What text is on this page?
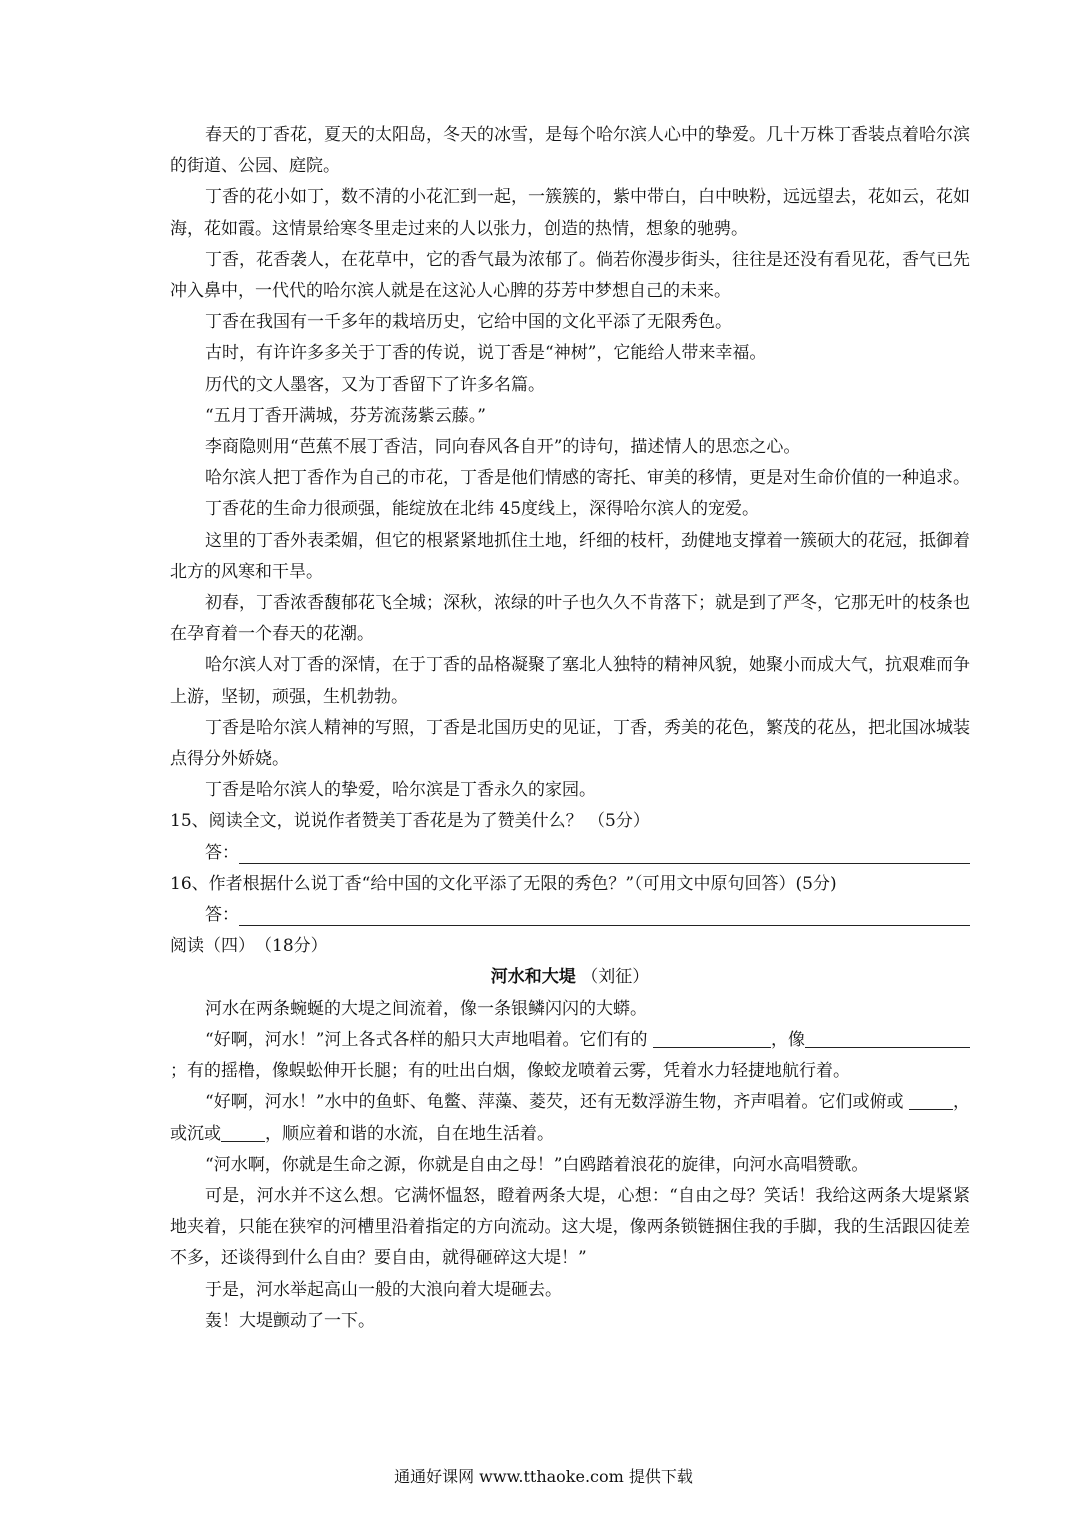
春天的丁香花，夏天的太阳岛，冬天的冰雪，是每个哈尔滨人心中的挚爱。几十万株丁香装点着哈尔滨的街道、公园、庭院。

丁香的花小如丁，数不清的小花汇到一起，一簇簇的，紫中带白，白中映粉，远远望去，花如云，花如海，花如霞。这情景给寒冬里走过来的人以张力，创造的热情，想象的驰骋。

丁香，花香袭人，在花草中，它的香气最为浓郁了。倘若你漫步街头，往往是还没有看见花，香气已先冲入鼻中，一代代的哈尔滨人就是在这沁人心脾的芬芳中梦想自己的未来。

丁香在我国有一千多年的栽培历史，它给中国的文化平添了无限秀色。

古时，有许许多多关于丁香的传说，说丁香是“神树”，它能给人带来幸福。

历代的文人墨客，又为丁香留下了许多名篇。

“五月丁香开满城，芬芳流荡紫云藤。”

李商隐则用“芭蕉不展丁香洁，同向春风各自开”的诗句，描述情人的思恋之心。

哈尔滨人把丁香作为自己的市花，丁香是他们情感的寄托、审美的移情，更是对生命价值的一种追求。

丁香花的生命力很顽强，能绽放在北纬 45度线上，深得哈尔滨人的宠爱。

这里的丁香外表柔媚，但它的根紧紧地抓住土地，纤细的枝杆，劲健地支撑着一簇硕大的花冠，抵御着北方的风寒和干旱。

初春，丁香浓香馥郁花飞全城；深秋，浓绿的叶子也久久不肯落下；就是到了严冬，它那无叶的枝条也在孕育着一个春天的花潮。

哈尔滨人对丁香的深情，在于丁香的品格凝聚了塞北人独特的精神风貌，她聚小而成大气，抗艰难而争上游，坚韧，顽强，生机勃勃。

丁香是哈尔滨人精神的写照，丁香是北国历史的见证，丁香，秀美的花色，繁茂的花丛，把北国冰城装点得分外娇娆。

丁香是哈尔滨人的挚爱，哈尔滨是丁香永久的家园。

15、阅读全文，说说作者赞美丁香花是为了赞美什么？ （5分）
答：
16、作者根据什么说丁香“给中国的文化平添了无限的秀色？”（可用文中原句回答）(5分)
答：

阅读（四）　（18分）

河水和大堤 （刘征）

河水在两条蜿蜒的大堤之间流着，像一条银鳞闪闪的大蟒。

“好啊，河水！”河上各式各样的船只大声地唱着。它们有的	，像；有的摇橹，像蜈蚣伸开长腿；有的吐出白烟，像蛟龙喷着云雾，凭着水力轻捷地航行着。

“好啊，河水！”水中的鱼虾、龟鳖、萍藻、菱芡，还有无数浮游生物，齐声唱着。它们或俯或	，或沉或	，顺应着和谐的水流，自在地生活着。

“河水啊，你就是生命之源，你就是自由之母！”白鸥踏着浪花的旋律，向河水高唱赞歌。

可是，河水并不这么想。它满怀愠怒，瞪着两条大堤，心想：“自由之母？笑话！我给这两条大堤紧紧地夹着，只能在狭窄的河槽里沿着指定的方向流动。这大堤，像两条锁链捆住我的手脚，我的生活跟囚徒差不多，还谈得到什么自由？要自由，就得砸碎这大堤！”

于是，河水举起高山一般的大浪向着大堤砸去。

轰！大堤颤动了一下。

通通好课网 www.tthaoke.com 提供下载
